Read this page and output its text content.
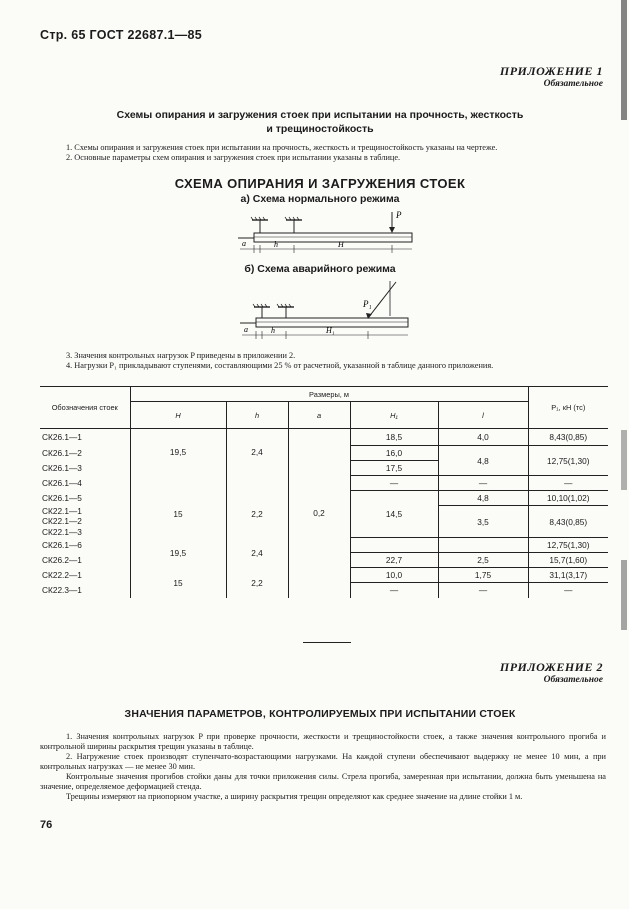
Стр. 65 ГОСТ 22687.1—85
ПРИЛОЖЕНИЕ 1
Обязательное
Схемы опирания и загружения стоек при испытании на прочность, жесткость
и трещиностойкость

1. Схемы опирания и загружения стоек при испытании на прочность, жесткость и трещиностойкость указаны на чертеже.

2. Основные параметры схем опирания и загружения стоек при испытании указаны в таблице.

СХЕМА ОПИРАНИЯ И ЗАГРУЖЕНИЯ СТОЕК
а) Схема нормального режима
P
a	h	H
б) Схема аварийного режима
P₁
a	h	H₁

3. Значения контрольных нагрузок P приведены в приложении 2.

4. Нагрузки P₁ прикладывают ступенями, составляющими 25 % от расчетной, указанной в таблице данного приложения.

Обозначения стоек	Размеры, м					P₁, кН (тс)
	H	h	a	H₁	l	
СК26.1—1	19,5	2,4	0,2	18,5	4,0	8,43(0,85)
СК26.1—2				16,0	4,8	12,75(1,30)
СК26.1—3				17,5		
СК26.1—4				—	—	—
СК26.1—5	15	2,2		14,5	4,8	10,10(1,02)
СК22.1—1					3,5	8,43(0,85)
СК22.1—2						
СК22.1—3						
СК26.1—6	19,5	2,4				12,75(1,30)
СК26.2—1				22,7	2,5	15,7(1,60)
СК22.2—1	15	2,2		10,0	1,75	31,1(3,17)
СК22.3—1				—	—	—
ПРИЛОЖЕНИЕ 2
Обязательное
ЗНАЧЕНИЯ ПАРАМЕТРОВ, КОНТРОЛИРУЕМЫХ ПРИ ИСПЫТАНИИ СТОЕК

1. Значения контрольных нагрузок P при проверке прочности, жесткости и трещиностойкости стоек, а также значения контрольного прогиба и контрольной ширины раскрытия трещин указаны в таблице.

2. Нагружение стоек производят ступенчато-возрастающими нагрузками. На каждой ступени обеспечивают выдержку не менее 10 мин, а при контрольных нагрузках — не менее 30 мин.

Контрольные значения прогибов стойки даны для точки приложения силы. Стрела прогиба, замеренная при испытании, должна быть уменьшена на значение, определяемое деформацией стенда.

Трещины измеряют на приопорном участке, а ширину раскрытия трещин определяют как среднее значение на длине стойки 1 м.

76
